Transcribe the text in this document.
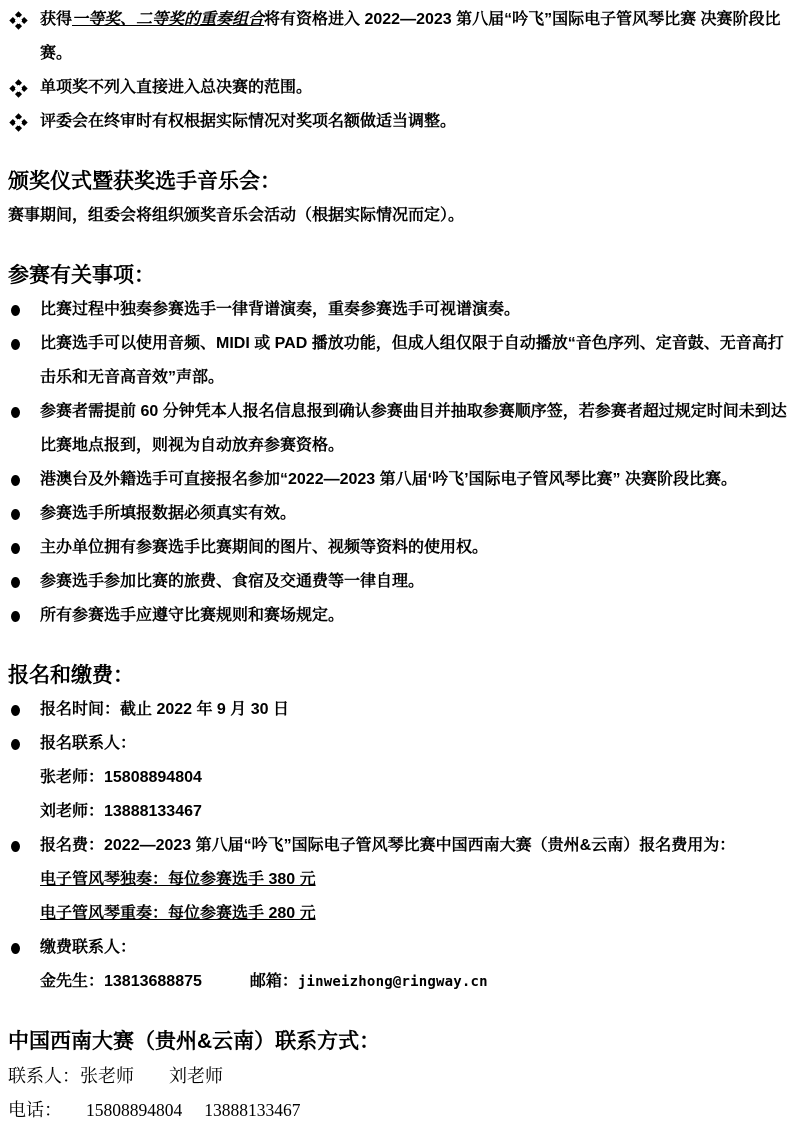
获得一等奖、二等奖的重奏组合将有资格进入 2022—2023 第八届“吟飞”国际电子管风琴比赛 决赛阶段比赛。
单项奖不列入直接进入总决赛的范围。
评委会在终审时有权根据实际情况对奖项名额做适当调整。
颁奖仪式暨获奖选手音乐会：
赛事期间，组委会将组织颁奖音乐会活动（根据实际情况而定）。
参赛有关事项：
比赛过程中独奏参赛选手一律背谱演奏，重奏参赛选手可视谱演奏。
比赛选手可以使用音频、MIDI 或 PAD 播放功能，但成人组仅限于自动播放“音色序列、定音鼓、无音高打击乐和无音高音效”声部。
参赛者需提前 60 分钟凭本人报名信息报到确认参赛曲目并抽取参赛顺序签，若参赛者超过规定时间未到达比赛地点报到，则视为自动放弃参赛资格。
港澳台及外籍选手可直接报名参加“2022—2023 第八届‘吟飞’国际电子管风琴比赛” 决赛阶段比赛。
参赛选手所填报数据必须真实有效。
主办单位拥有参赛选手比赛期间的图片、视频等资料的使用权。
参赛选手参加比赛的旅费、食宿及交通费等一律自理。
所有参赛选手应遵守比赛规则和赛场规定。
报名和缴费：
报名时间：截止 2022 年 9 月 30 日
报名联系人：
张老师：15808894804
刘老师：13888133467
报名费：2022—2023 第八届“吟飞”国际电子管风琴比赛中国西南大赛（贵州&云南）报名费用为：
电子管风琴独奏：每位参赛选手 380 元
电子管风琴重奏：每位参赛选手 280 元
缴费联系人：
金先生：13813688875	邮箱： jinweizhong@ringway.cn
中国西南大赛（贵州&云南）联系方式：
联系人：张老师 刘老师
电话： 15808894804 13888133467
